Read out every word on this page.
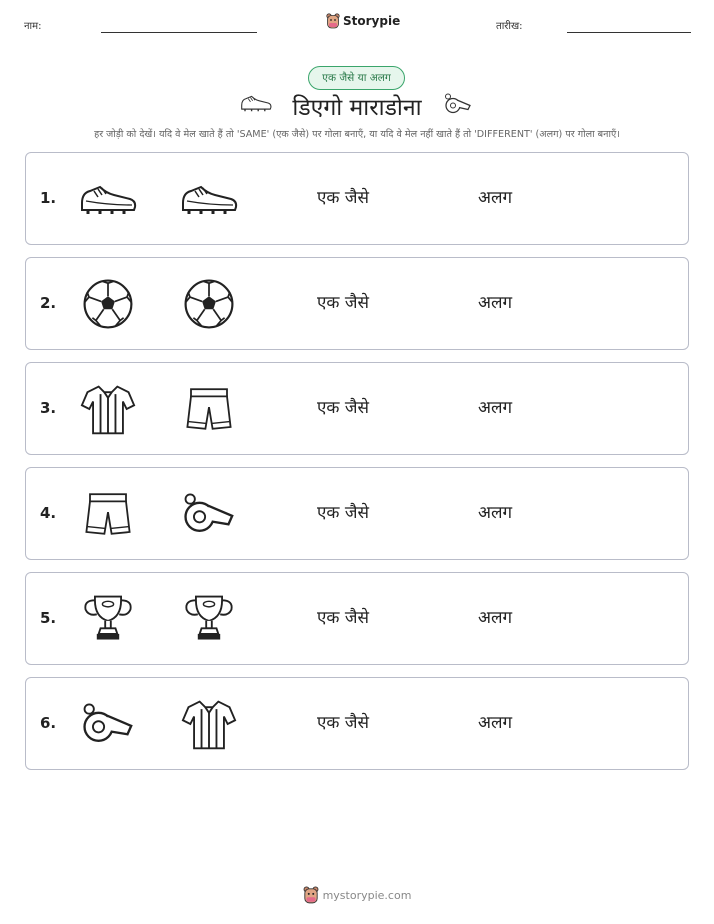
नाम:	Storypie	तारीख:
एक जैसे या अलग
डिएगो माराडोना
हर जोड़ी को देखें। यदि वे मेल खाते हैं तो 'SAME' (एक जैसे) पर गोला बनाएँ, या यदि वे मेल नहीं खाते हैं तो 'DIFFERENT' (अलग) पर गोला बनाएँ।
1.	एक जैसे	अलग
2.	एक जैसे	अलग
3.	एक जैसे	अलग
4.	एक जैसे	अलग
5.	एक जैसे	अलग
6.	एक जैसे	अलग
mystorypie.com
